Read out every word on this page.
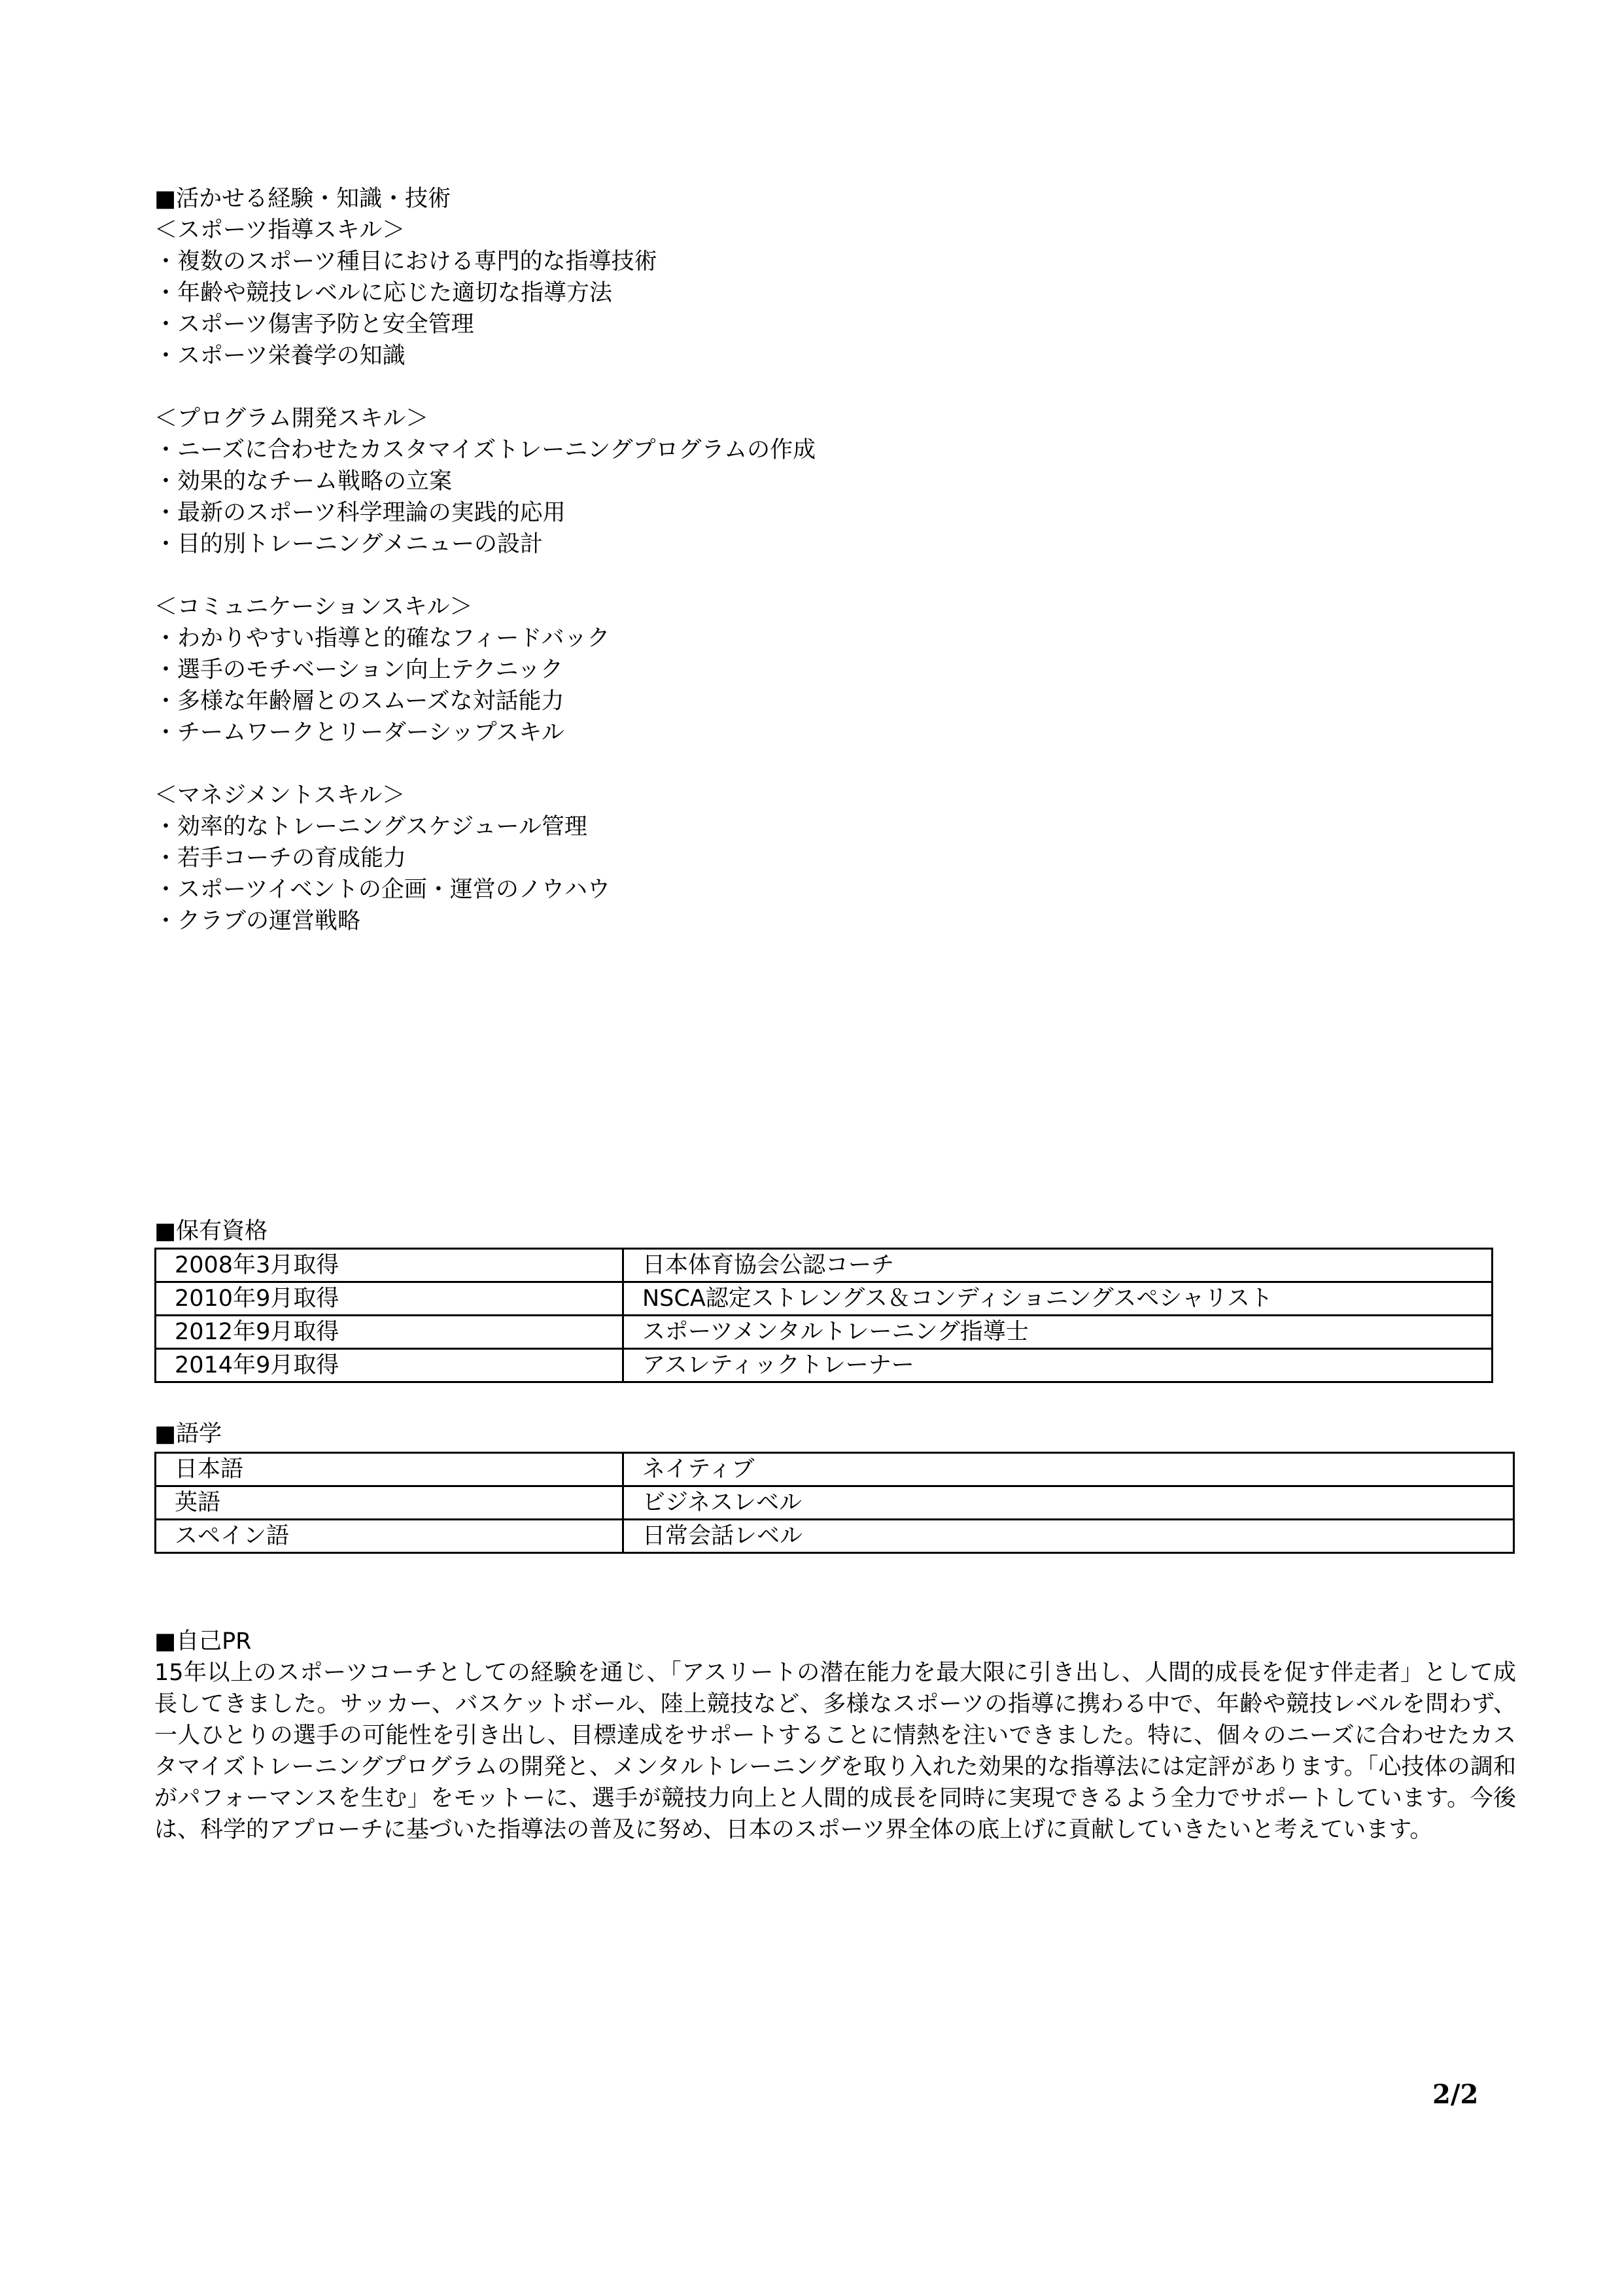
■活かせる経験・知識・技術
＜スポーツ指導スキル＞
・複数のスポーツ種目における専門的な指導技術
・年齢や競技レベルに応じた適切な指導方法
・スポーツ傷害予防と安全管理
・スポーツ栄養学の知識
＜プログラム開発スキル＞
・ニーズに合わせたカスタマイズトレーニングプログラムの作成
・効果的なチーム戦略の立案
・最新のスポーツ科学理論の実践的応用
・目的別トレーニングメニューの設計
＜コミュニケーションスキル＞
・わかりやすい指導と的確なフィードバック
・選手のモチベーション向上テクニック
・多様な年齢層とのスムーズな対話能力
・チームワークとリーダーシップスキル
＜マネジメントスキル＞
・効率的なトレーニングスケジュール管理
・若手コーチの育成能力
・スポーツイベントの企画・運営のノウハウ
・クラブの運営戦略
■保有資格
2008年3月取得	日本体育協会公認コーチ
2010年9月取得	NSCA認定ストレングス＆コンディショニングスペシャリスト
2012年9月取得	スポーツメンタルトレーニング指導士
2014年9月取得	アスレティックトレーナー
■語学
日本語	ネイティブ
英語	ビジネスレベル
スペイン語	日常会話レベル
■自己PR

15年以上のスポーツコーチとしての経験を通じ、「アスリートの潜在能力を最大限に引き出し、人間的成長を促す伴走者」として成長してきました。サッカー、バスケットボール、陸上競技など、多様なスポーツの指導に携わる中で、年齢や競技レベルを問わず、一人ひとりの選手の可能性を引き出し、目標達成をサポートすることに情熱を注いできました。特に、個々のニーズに合わせたカスタマイズトレーニングプログラムの開発と、メンタルトレーニングを取り入れた効果的な指導法には定評があります。「心技体の調和がパフォーマンスを生む」をモットーに、選手が競技力向上と人間的成長を同時に実現できるよう全力でサポートしています。今後は、科学的アプローチに基づいた指導法の普及に努め、日本のスポーツ界全体の底上げに貢献していきたいと考えています。

2/2
